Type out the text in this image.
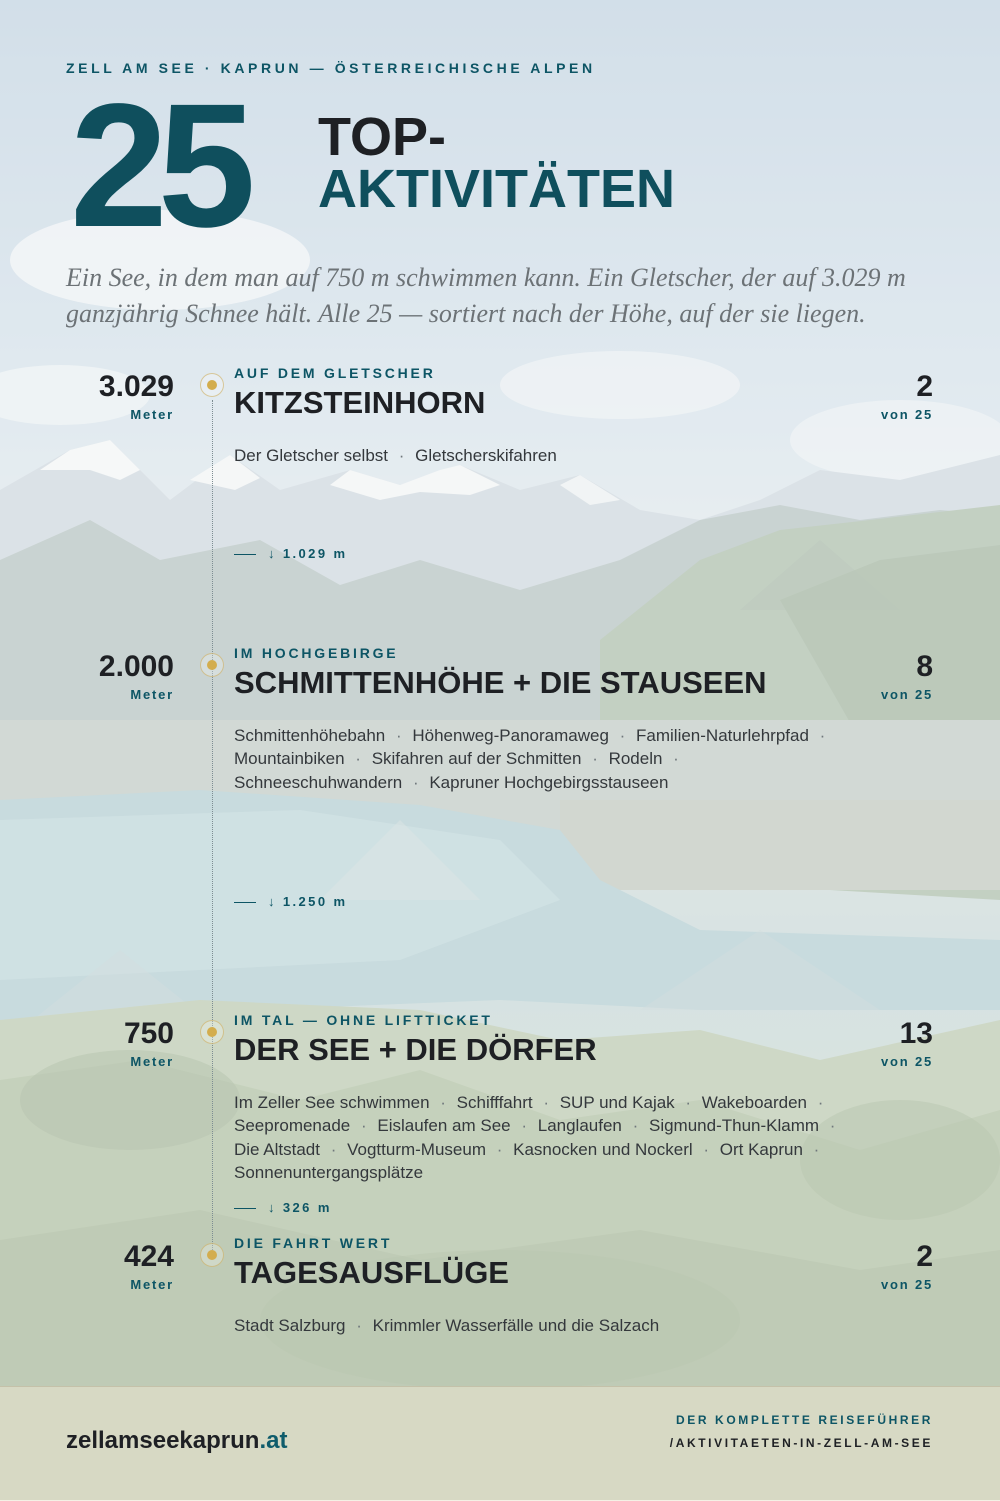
ZELL AM SEE · KAPRUN — ÖSTERREICHISCHE ALPEN

25 TOP-
AKTIVITÄTEN

Ein See, in dem man auf 750 m schwimmen kann. Ein Gletscher, der auf 3.029 m ganzjährig Schnee hält. Alle 25 — sortiert nach der Höhe, auf der sie liegen.

3.029
Meter
AUF DEM GLETSCHER
KITZSTEINHORN	2
von 25
Der Gletscher selbst · Gletscherskifahren
↓ 1.029 m
2.000
Meter
IM HOCHGEBIRGE
SCHMITTENHÖHE + DIE STAUSEEN	8
von 25
Schmittenhöhebahn · Höhenweg-Panoramaweg · Familien-Naturlehrpfad · Mountainbiken · Skifahren auf der Schmitten · Rodeln · Schneeschuhwandern · Kapruner Hochgebirgsstauseen
↓ 1.250 m
750
Meter
IM TAL — OHNE LIFTTICKET
DER SEE + DIE DÖRFER	13
von 25
Im Zeller See schwimmen · Schifffahrt · SUP und Kajak · Wakeboarden · Seepromenade · Eislaufen am See · Langlaufen · Sigmund-Thun-Klamm · Die Altstadt · Vogtturm-Museum · Kasnocken und Nockerl · Ort Kaprun · Sonnenuntergangsplätze
↓ 326 m
424
Meter
DIE FAHRT WERT
TAGESAUSFLÜGE	2
von 25
Stadt Salzburg · Krimmler Wasserfälle und die Salzach
zellamseekaprun.at
DER KOMPLETTE REISEFÜHRER
/AKTIVITAETEN-IN-ZELL-AM-SEE
